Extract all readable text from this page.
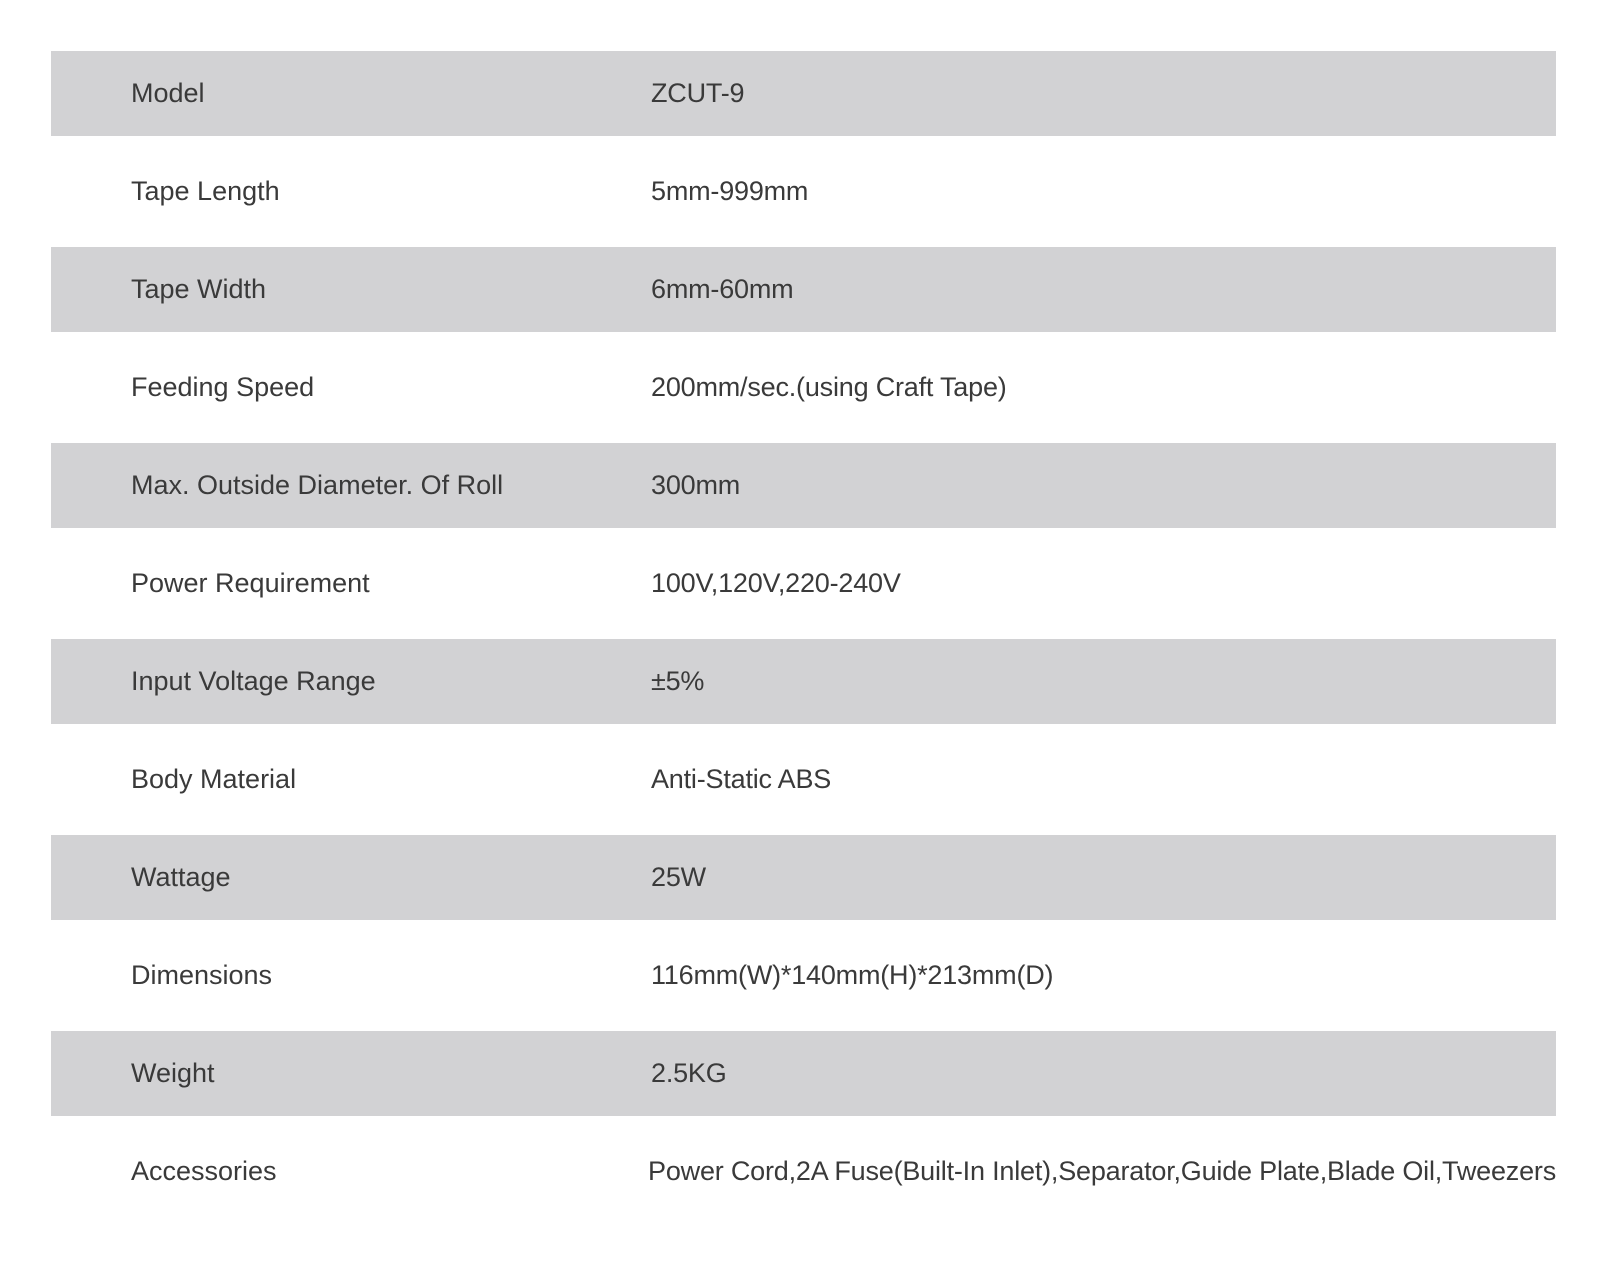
Model	ZCUT-9
Tape Length	5mm-999mm
Tape Width	6mm-60mm
Feeding Speed	200mm/sec.(using Craft Tape)
Max. Outside Diameter. Of Roll	300mm
Power Requirement	100V,120V,220-240V
Input Voltage Range	±5%
Body Material	Anti-Static ABS
Wattage	25W
Dimensions	116mm(W)*140mm(H)*213mm(D)
Weight	2.5KG
Accessories	Power Cord,2A Fuse(Built-In Inlet),Separator,Guide Plate,Blade Oil,Tweezers
